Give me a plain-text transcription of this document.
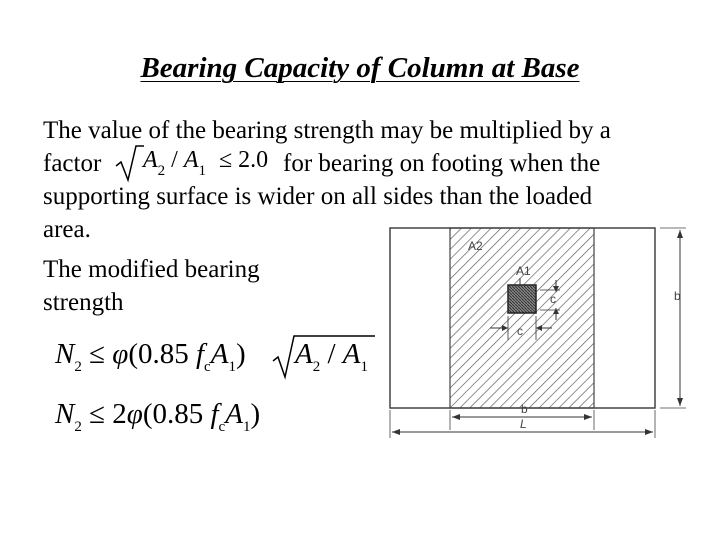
Bearing Capacity of Column at Base
The value of the bearing strength may be multiplied by a
factor	for bearing on footing when the
$A_2 / A_1 \le 2.0$
supporting surface is wider on all sides than the loaded
area.
The modified bearing
strength
$N_2 \le \varphi(0.85$ $f_cA_1$) $A_2 / A_1$
$N_2 \le 2\varphi(0.85$ $f_cA_1$)
A2
A1
c
c
b
b
L
